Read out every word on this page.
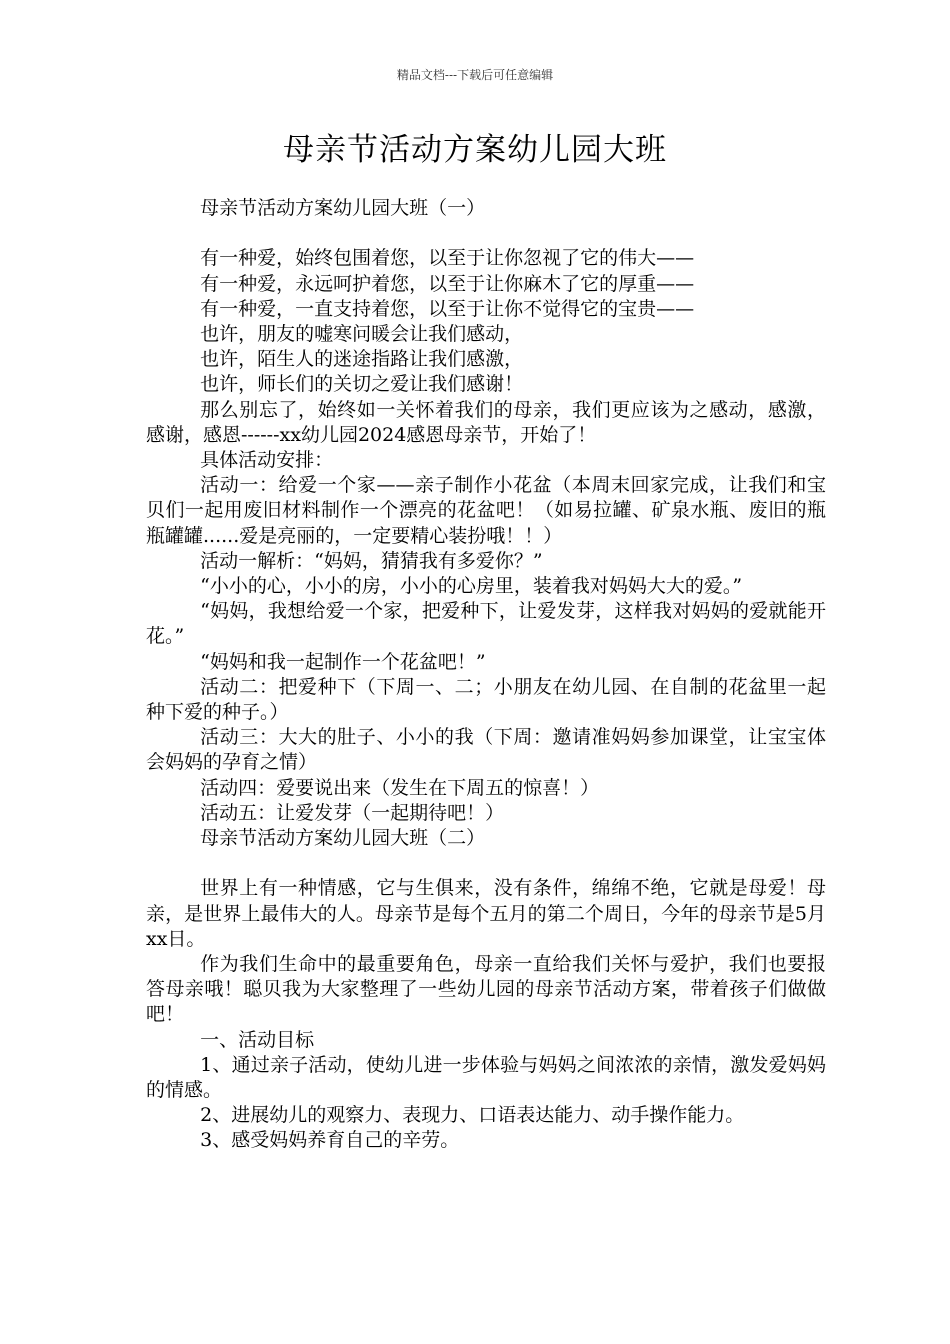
精品文档---下载后可任意编辑
母亲节活动方案幼儿园大班

母亲节活动方案幼儿园大班（一）

有一种爱，始终包围着您，以至于让你忽视了它的伟大——

有一种爱，永远呵护着您，以至于让你麻木了它的厚重——

有一种爱，一直支持着您，以至于让你不觉得它的宝贵——

也许，朋友的嘘寒问暖会让我们感动，

也许，陌生人的迷途指路让我们感激，

也许，师长们的关切之爱让我们感谢！

那么别忘了，始终如一关怀着我们的母亲，我们更应该为之感动，感激，感谢，感恩------xx幼儿园2024感恩母亲节，开始了！

具体活动安排：

活动一：给爱一个家——亲子制作小花盆（本周末回家完成，让我们和宝贝们一起用废旧材料制作一个漂亮的花盆吧！（如易拉罐、矿泉水瓶、废旧的瓶瓶罐罐......爱是亮丽的，一定要精心装扮哦！！）

活动一解析：“妈妈，猜猜我有多爱你？”

“小小的心，小小的房，小小的心房里，装着我对妈妈大大的爱。”

“妈妈，我想给爱一个家，把爱种下，让爱发芽，这样我对妈妈的爱就能开花。”

“妈妈和我一起制作一个花盆吧！”

活动二：把爱种下（下周一、二；小朋友在幼儿园、在自制的花盆里一起种下爱的种子。）

活动三：大大的肚子、小小的我（下周：邀请准妈妈参加课堂，让宝宝体会妈妈的孕育之情）

活动四：爱要说出来（发生在下周五的惊喜！）

活动五：让爱发芽（一起期待吧！）

母亲节活动方案幼儿园大班（二）

世界上有一种情感，它与生俱来，没有条件，绵绵不绝，它就是母爱！母亲，是世界上最伟大的人。母亲节是每个五月的第二个周日，今年的母亲节是5月xx日。

作为我们生命中的最重要角色，母亲一直给我们关怀与爱护，我们也要报答母亲哦！聪贝我为大家整理了一些幼儿园的母亲节活动方案，带着孩子们做做吧！

一、活动目标

1、通过亲子活动，使幼儿进一步体验与妈妈之间浓浓的亲情，激发爱妈妈的情感。

2、进展幼儿的观察力、表现力、口语表达能力、动手操作能力。

3、感受妈妈养育自己的辛劳。
